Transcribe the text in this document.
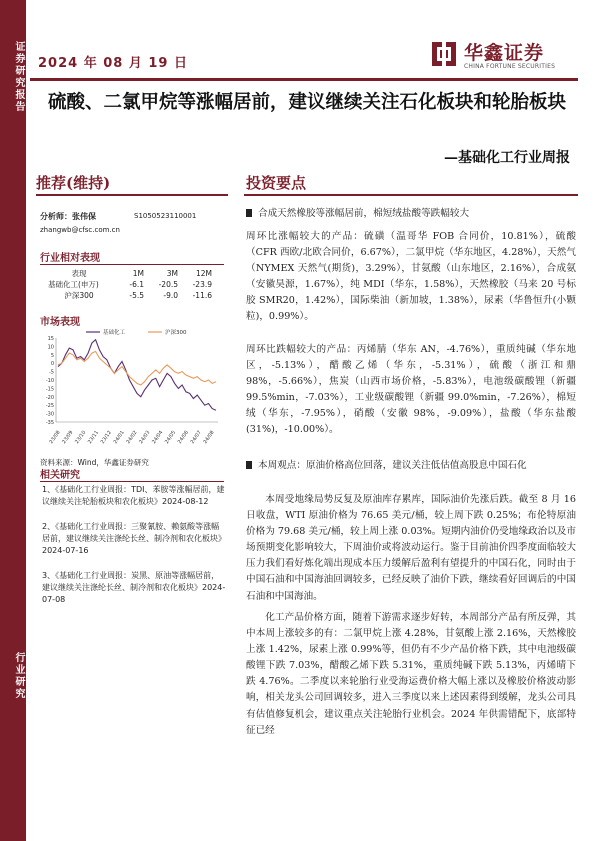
证券研究报告
行业研究
2024 年 08 月 19 日	华鑫证券
CHINA FORTUNE SECURITIES
硫酸、二氯甲烷等涨幅居前，建议继续关注石化板块和轮胎板块
—基础化工行业周报
推荐(维持)
分析师：张伟保	S1050523110001
zhangwb@cfsc.com.cn
行业相对表现
表现	1M	3M	12M
基础化工(申万)	-6.1	-20.5	-23.9
沪深300	-5.5	-9.0	-11.6
市场表现
15
10
5
0
-5
-10
-15
-20
-25
-30
-35
23/08 23/09 23/10 23/11 23/12 24/01 24/02 24/03 24/04 24/05 24/06 24/07 24/08
基础化工	沪深300
资料来源：Wind，华鑫证券研究
相关研究
1、《基础化工行业周报：TDI、苯胺等涨幅居前，建议继续关注轮胎板块和农化板块》2024-08-12
2、《基础化工行业周报：三聚氰胺、赖氨酸等涨幅居前，建议继续关注涤纶长丝、制冷剂和农化板块》2024-07-16
3、《基础化工行业周报：炭黑、原油等涨幅居前，建议继续关注涤纶长丝、制冷剂和农化板块》2024-07-08
投资要点
合成天然橡胶等涨幅居前，棉短绒盐酸等跌幅较大
周环比涨幅较大的产品：硫磺（温哥华 FOB 合同价，10.81%），硫酸（CFR 西欧/北欧合同价，6.67%），二氯甲烷（华东地区，4.28%），天然气（NYMEX 天然气(期货)，3.29%），甘氨酸（山东地区，2.16%），合成氨（安徽昊源，1.67%），纯 MDI（华东，1.58%），天然橡胶（马来 20 号标胶 SMR20，1.42%），国际柴油（新加坡，1.38%），尿素（华鲁恒升(小颗粒)，0.99%）。
周环比跌幅较大的产品：丙烯腈（华东 AN，-4.76%），重质纯碱（华东地区，-5.13%），醋酸乙烯（华东，-5.31%），硫酸（浙江和鼎 98%，-5.66%），焦炭（山西市场价格，-5.83%），电池级碳酸锂（新疆 99.5%min，-7.03%），工业级碳酸锂（新疆 99.0%min，-7.26%），棉短绒（华东，-7.95%），硝酸（安徽 98%，-9.09%），盐酸（华东盐酸(31%)，-10.00%）。
本周观点：原油价格高位回落，建议关注低估值高股息中国石化
本周受地缘局势反复及原油库存累库，国际油价先涨后跌。截至 8 月 16 日收盘，WTI 原油价格为 76.65 美元/桶，较上周下跌 0.25%；布伦特原油价格为 79.68 美元/桶，较上周上涨 0.03%。短期内油价仍受地缘政治以及市场预期变化影响较大，下周油价或将波动运行。鉴于目前油价四季度面临较大压力我们看好炼化端出现成本压力缓解后盈利有望提升的中国石化，同时由于中国石油和中国海油回调较多，已经反映了油价下跌，继续看好回调后的中国石油和中国海油。
化工产品价格方面，随着下游需求逐步好转，本周部分产品有所反弹，其中本周上涨较多的有：二氯甲烷上涨 4.28%，甘氨酸上涨 2.16%，天然橡胶上涨 1.42%，尿素上涨 0.99%等，但仍有不少产品价格下跌，其中电池级碳酸锂下跌 7.03%，醋酸乙烯下跌 5.31%，重质纯碱下跌 5.13%，丙烯晴下跌 4.76%。二季度以来轮胎行业受海运费价格大幅上涨以及橡胶价格波动影响，相关龙头公司回调较多，进入三季度以来上述因素得到缓解，龙头公司具有估值修复机会，建议重点关注轮胎行业机会。2024 年供需错配下，底部特征已经
